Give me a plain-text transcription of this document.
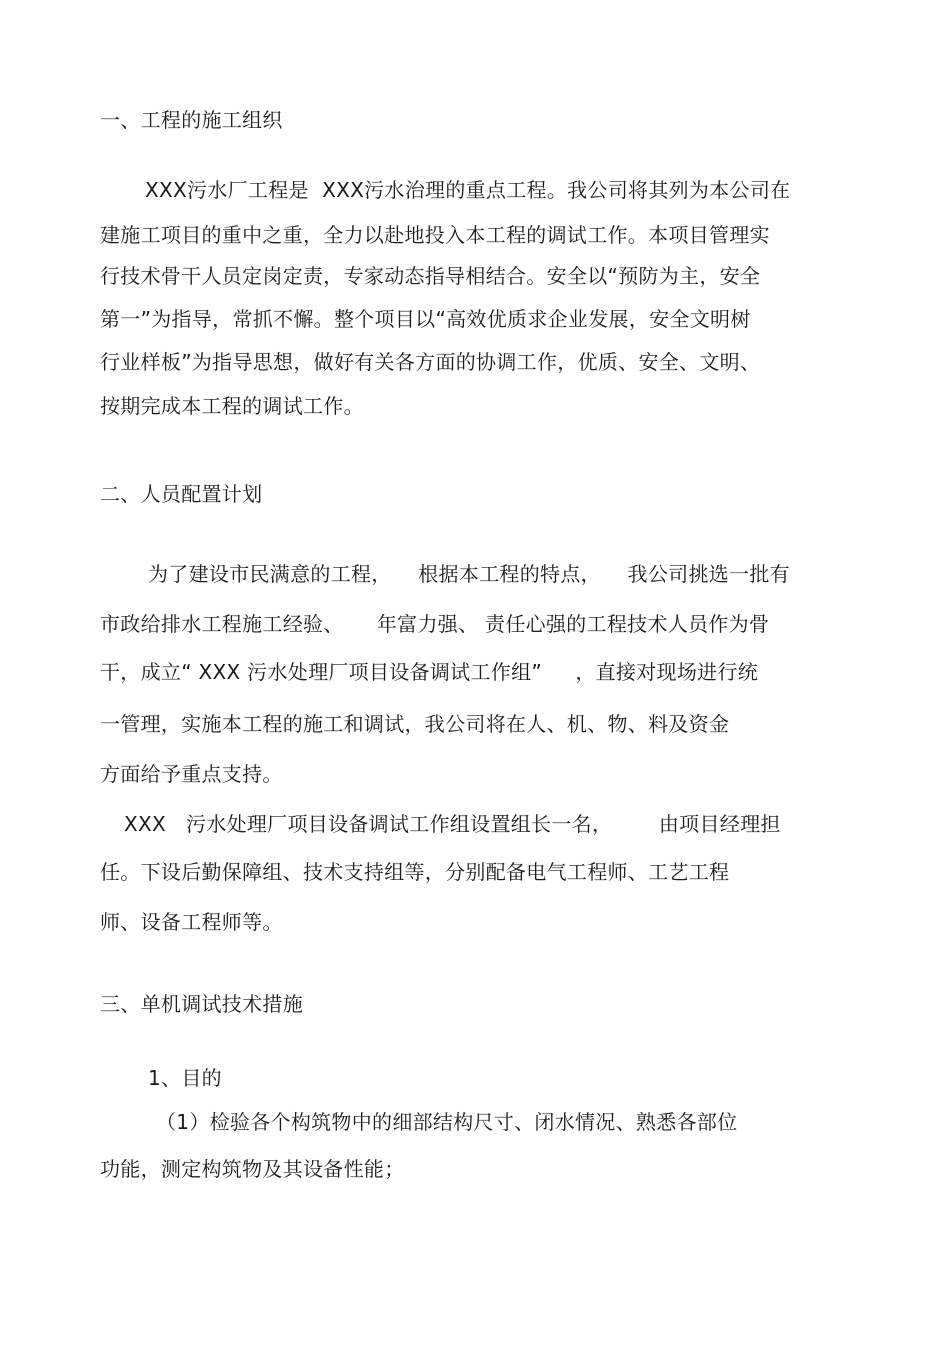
一、工程的施工组织

XXX污水厂工程是  XXX污水治理的重点工程。我公司将其列为本公司在

建施工项目的重中之重，全力以赴地投入本工程的调试工作。本项目管理实

行技术骨干人员定岗定责，专家动态指导相结合。安全以“预防为主，安全

第一”为指导，常抓不懈。整个项目以“高效优质求企业发展，安全文明树

行业样板”为指导思想，做好有关各方面的协调工作，优质、安全、文明、

按期完成本工程的调试工作。

二、人员配置计划

为了建设市民满意的工程，    根据本工程的特点，    我公司挑选一批有

市政给排水工程施工经验、     年富力强、 责任心强的工程技术人员作为骨

干，成立“ XXX 污水处理厂项目设备调试工作组”     ，直接对现场进行统

一管理，实施本工程的施工和调试，我公司将在人、机、物、料及资金

方面给予重点支持。

XXX   污水处理厂项目设备调试工作组设置组长一名，       由项目经理担

任。下设后勤保障组、技术支持组等，分别配备电气工程师、工艺工程

师、设备工程师等。

三、单机调试技术措施

1、目的

（1）检验各个构筑物中的细部结构尺寸、闭水情况、熟悉各部位

功能，测定构筑物及其设备性能；
